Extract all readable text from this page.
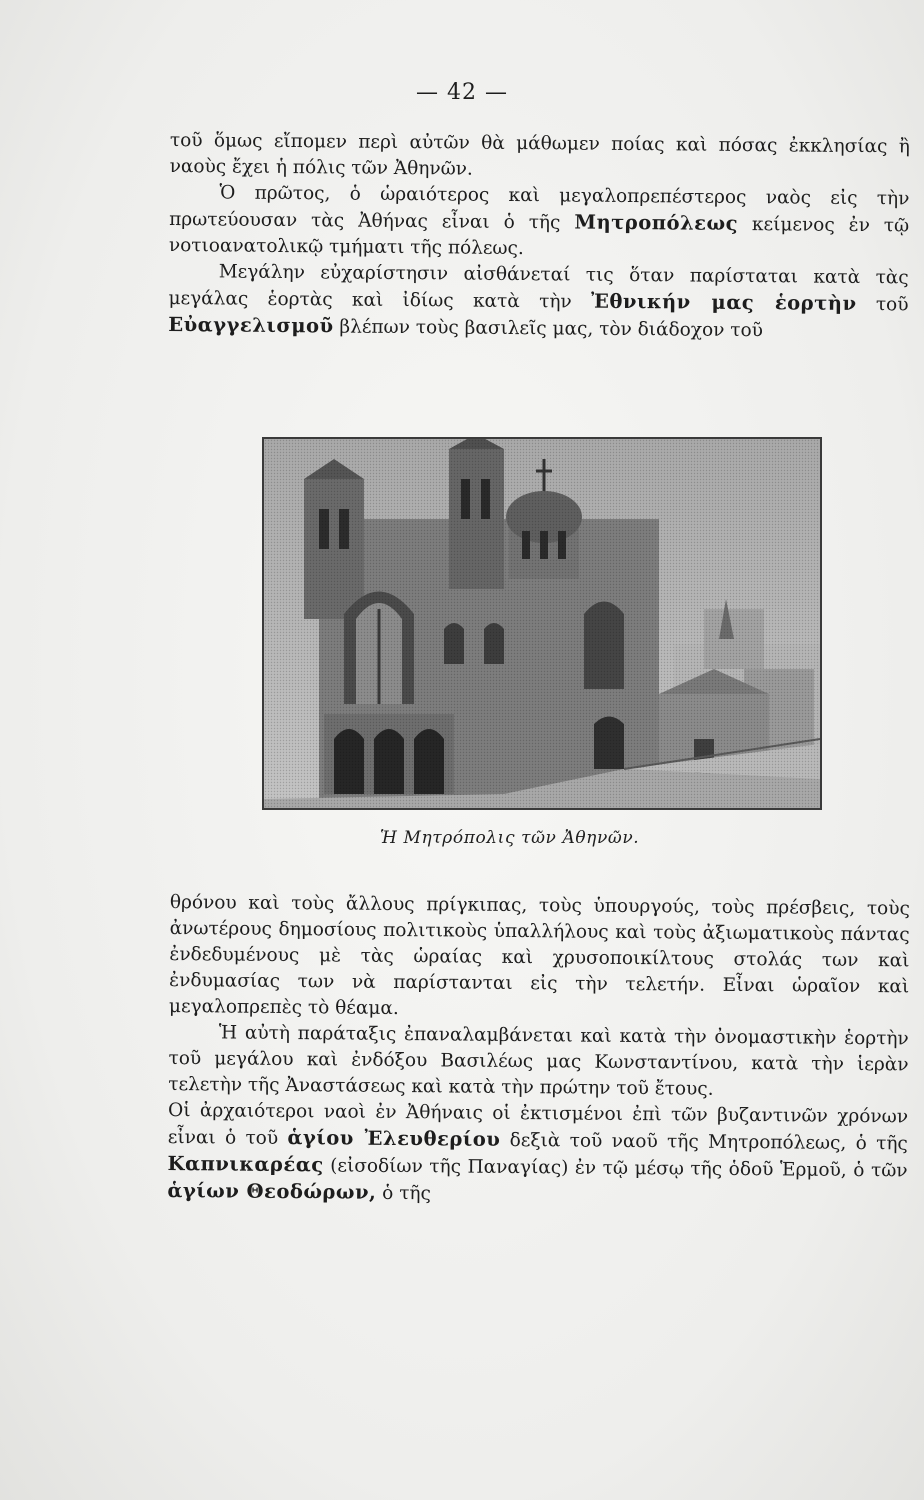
— 42 —

τοῦ ὅμως εἴπομεν περὶ αὐτῶν θὰ μάθωμεν ποίας καὶ πόσας ἐκκλησίας ἢ ναοὺς ἔχει ἡ πόλις τῶν Ἀθηνῶν.

Ὁ πρῶτος, ὁ ὡραιότερος καὶ μεγαλοπρεπέστερος ναὸς εἰς τὴν πρωτεύουσαν τὰς Ἀθήνας εἶναι ὁ τῆς Μητροπόλεως κείμενος ἐν τῷ νοτιοανατολικῷ τμήματι τῆς πόλεως.

Μεγάλην εὐχαρίστησιν αἰσθάνεταί τις ὅταν παρίσταται κατὰ τὰς μεγάλας ἑορτὰς καὶ ἰδίως κατὰ τὴν Ἐθνικήν μας ἑορτὴν τοῦ Εὐαγγελισμοῦ βλέπων τοὺς βασιλεῖς μας, τὸν διάδοχον τοῦ

Ἡ Μητρόπολις τῶν Ἀθηνῶν.

θρόνου καὶ τοὺς ἄλλους πρίγκιπας, τοὺς ὑπουργούς, τοὺς πρέσβεις, τοὺς ἀνωτέρους δημοσίους πολιτικοὺς ὑπαλλήλους καὶ τοὺς ἀξιωματικοὺς πάντας ἐνδεδυμένους μὲ τὰς ὡραίας καὶ χρυσοποικίλτους στολάς των καὶ ἐνδυμασίας των νὰ παρίστανται εἰς τὴν τελετήν. Εἶναι ὡραῖον καὶ μεγαλοπρεπὲς τὸ θέαμα.

Ἡ αὐτὴ παράταξις ἐπαναλαμβάνεται καὶ κατὰ τὴν ὀνομαστικὴν ἑορτὴν τοῦ μεγάλου καὶ ἐνδόξου Βασιλέως μας Κωνσταντίνου, κατὰ τὴν ἱερὰν τελετὴν τῆς Ἀναστάσεως καὶ κατὰ τὴν πρώτην τοῦ ἔτους.

Οἱ ἀρχαιότεροι ναοὶ ἐν Ἀθήναις οἱ ἐκτισμένοι ἐπὶ τῶν βυζαντινῶν χρόνων εἶναι ὁ τοῦ ἁγίου Ἐλευθερίου δεξιὰ τοῦ ναοῦ τῆς Μητροπόλεως, ὁ τῆς Καπνικαρέας (εἰσοδίων τῆς Παναγίας) ἐν τῷ μέσῳ τῆς ὁδοῦ Ἑρμοῦ, ὁ τῶν ἁγίων Θεοδώρων, ὁ τῆς
